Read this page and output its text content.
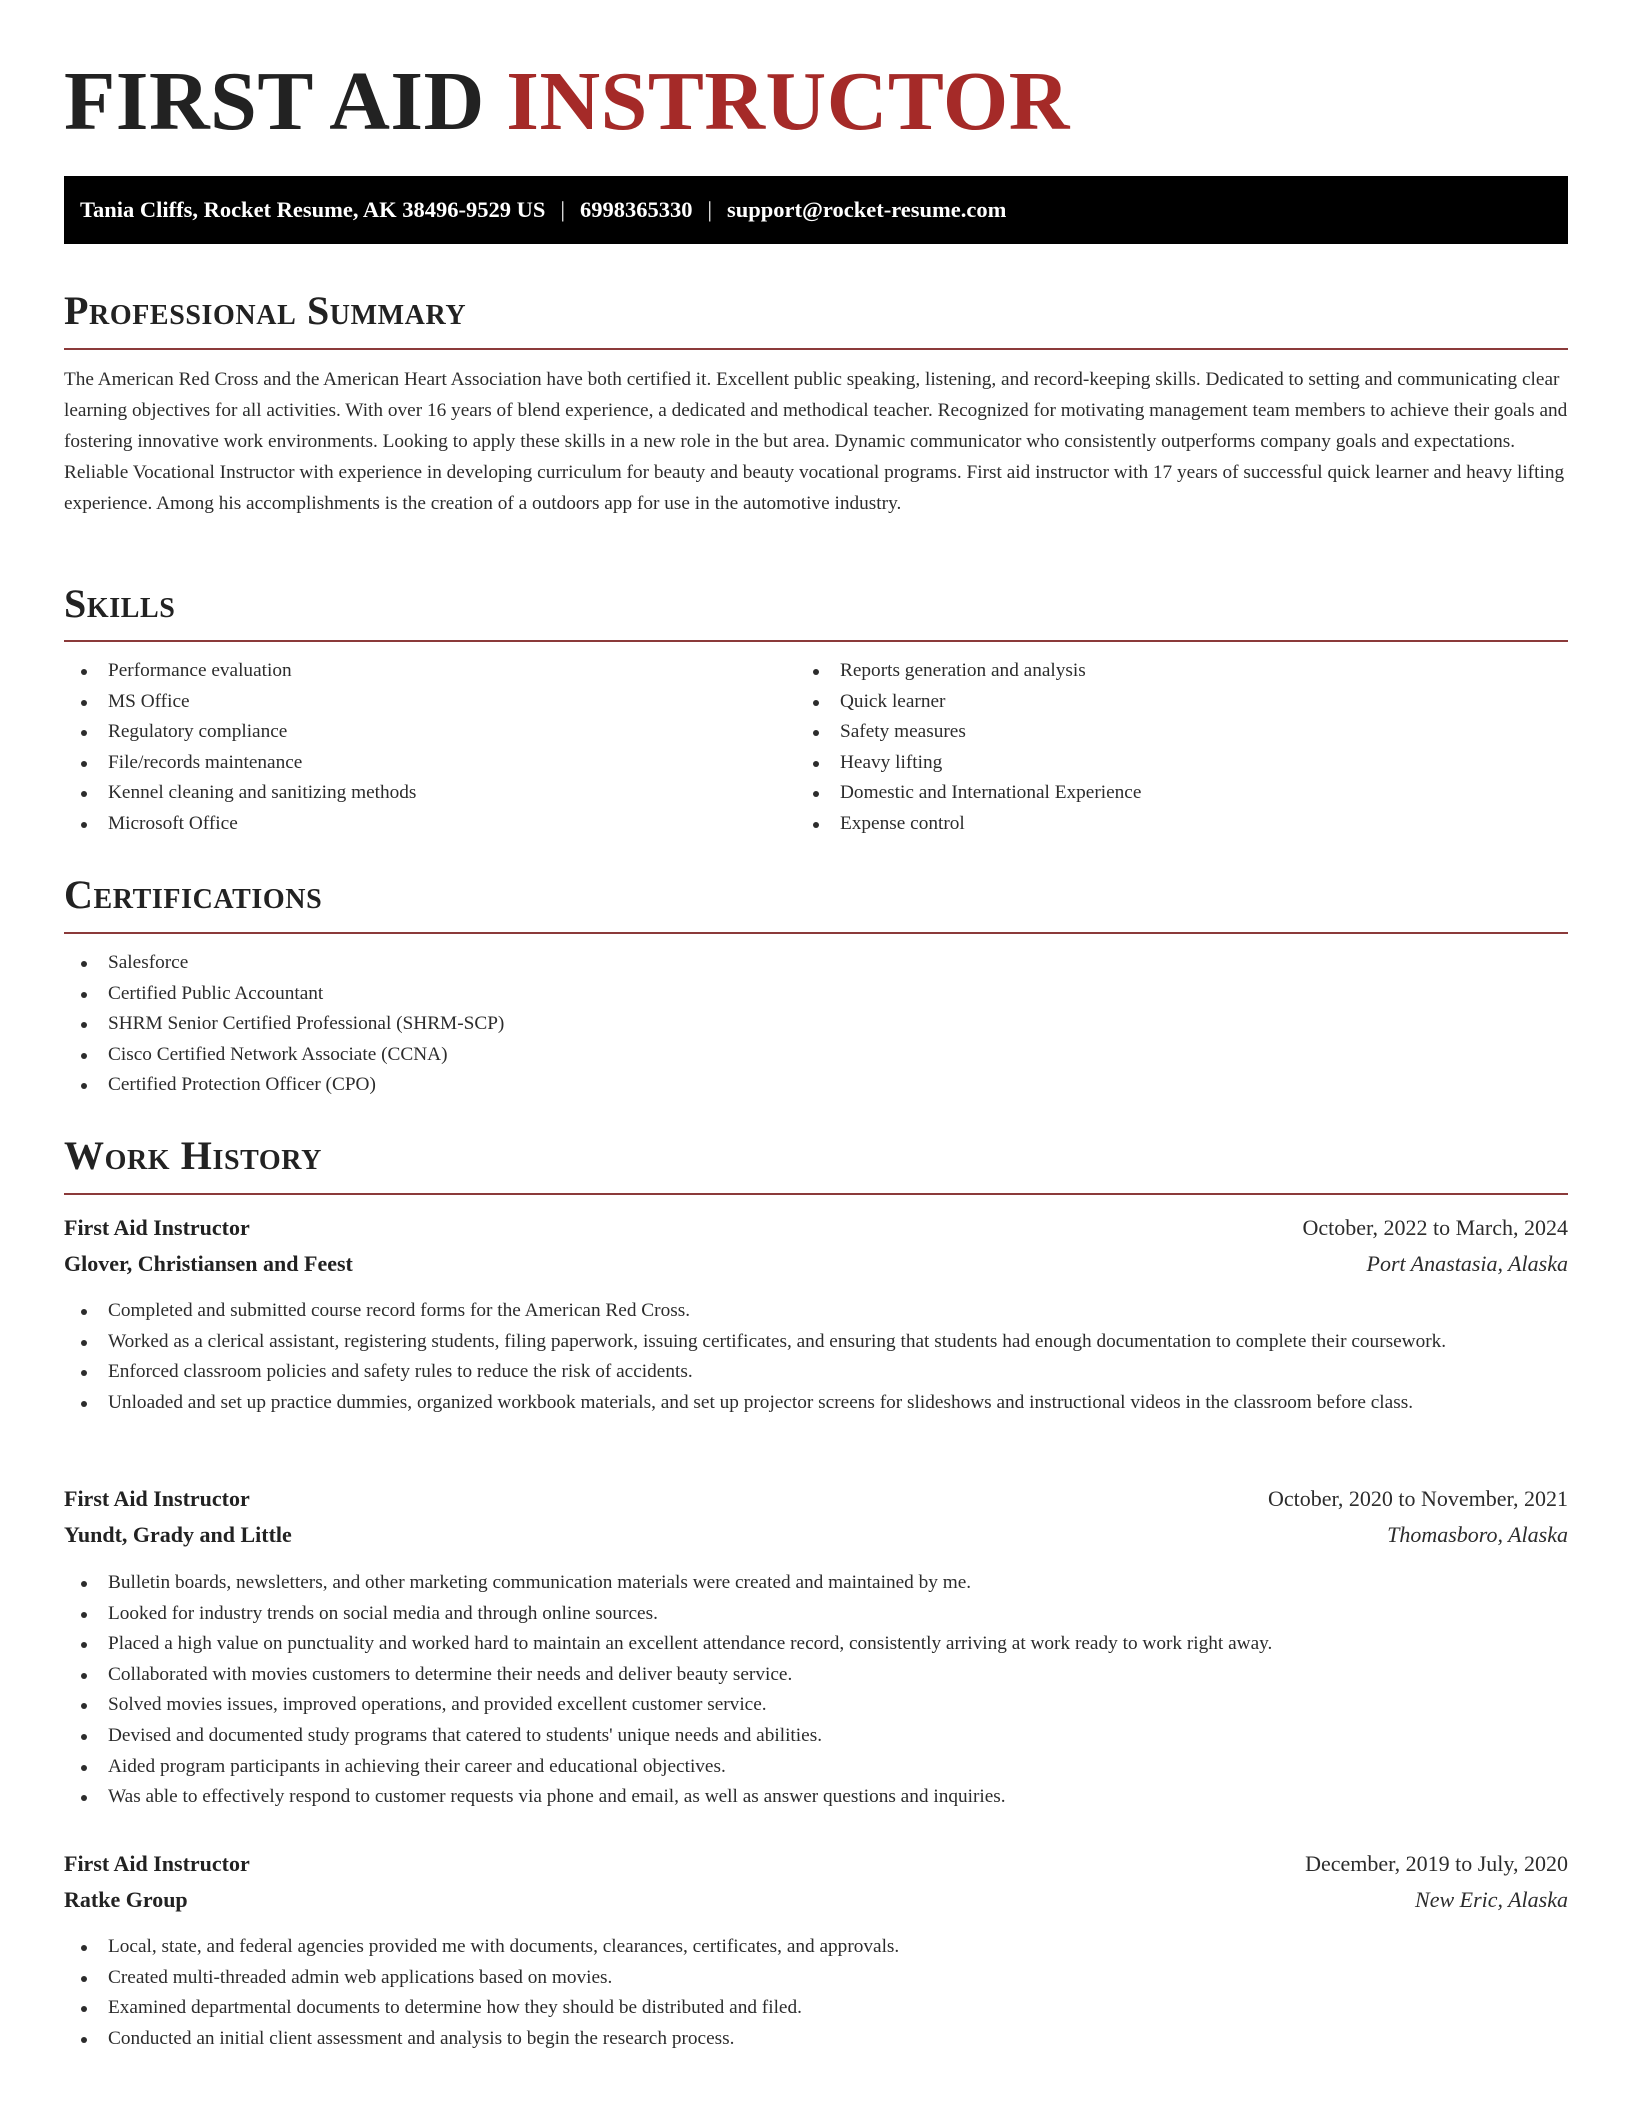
FIRST AID INSTRUCTOR
Tania Cliffs, Rocket Resume, AK 38496-9529 US | 6998365330 | support@rocket-resume.com
Professional Summary

The American Red Cross and the American Heart Association have both certified it. Excellent public speaking, listening, and record-keeping skills. Dedicated to setting and communicating clear learning objectives for all activities. With over 16 years of blend experience, a dedicated and methodical teacher. Recognized for motivating management team members to achieve their goals and fostering innovative work environments. Looking to apply these skills in a new role in the but area. Dynamic communicator who consistently outperforms company goals and expectations. Reliable Vocational Instructor with experience in developing curriculum for beauty and beauty vocational programs. First aid instructor with 17 years of successful quick learner and heavy lifting experience. Among his accomplishments is the creation of a outdoors app for use in the automotive industry.

Skills
Performance evaluation
MS Office
Regulatory compliance
File/records maintenance
Kennel cleaning and sanitizing methods
Microsoft Office
Reports generation and analysis
Quick learner
Safety measures
Heavy lifting
Domestic and International Experience
Expense control
Certifications
Salesforce
Certified Public Accountant
SHRM Senior Certified Professional (SHRM-SCP)
Cisco Certified Network Associate (CCNA)
Certified Protection Officer (CPO)
Work History
First Aid Instructor	October, 2022 to March, 2024
Glover, Christiansen and Feest	Port Anastasia, Alaska
Completed and submitted course record forms for the American Red Cross.
Worked as a clerical assistant, registering students, filing paperwork, issuing certificates, and ensuring that students had enough documentation to complete their coursework.
Enforced classroom policies and safety rules to reduce the risk of accidents.
Unloaded and set up practice dummies, organized workbook materials, and set up projector screens for slideshows and instructional videos in the classroom before class.
First Aid Instructor	October, 2020 to November, 2021
Yundt, Grady and Little	Thomasboro, Alaska
Bulletin boards, newsletters, and other marketing communication materials were created and maintained by me.
Looked for industry trends on social media and through online sources.
Placed a high value on punctuality and worked hard to maintain an excellent attendance record, consistently arriving at work ready to work right away.
Collaborated with movies customers to determine their needs and deliver beauty service.
Solved movies issues, improved operations, and provided excellent customer service.
Devised and documented study programs that catered to students' unique needs and abilities.
Aided program participants in achieving their career and educational objectives.
Was able to effectively respond to customer requests via phone and email, as well as answer questions and inquiries.
First Aid Instructor	December, 2019 to July, 2020
Ratke Group	New Eric, Alaska
Local, state, and federal agencies provided me with documents, clearances, certificates, and approvals.
Created multi-threaded admin web applications based on movies.
Examined departmental documents to determine how they should be distributed and filed.
Conducted an initial client assessment and analysis to begin the research process.
